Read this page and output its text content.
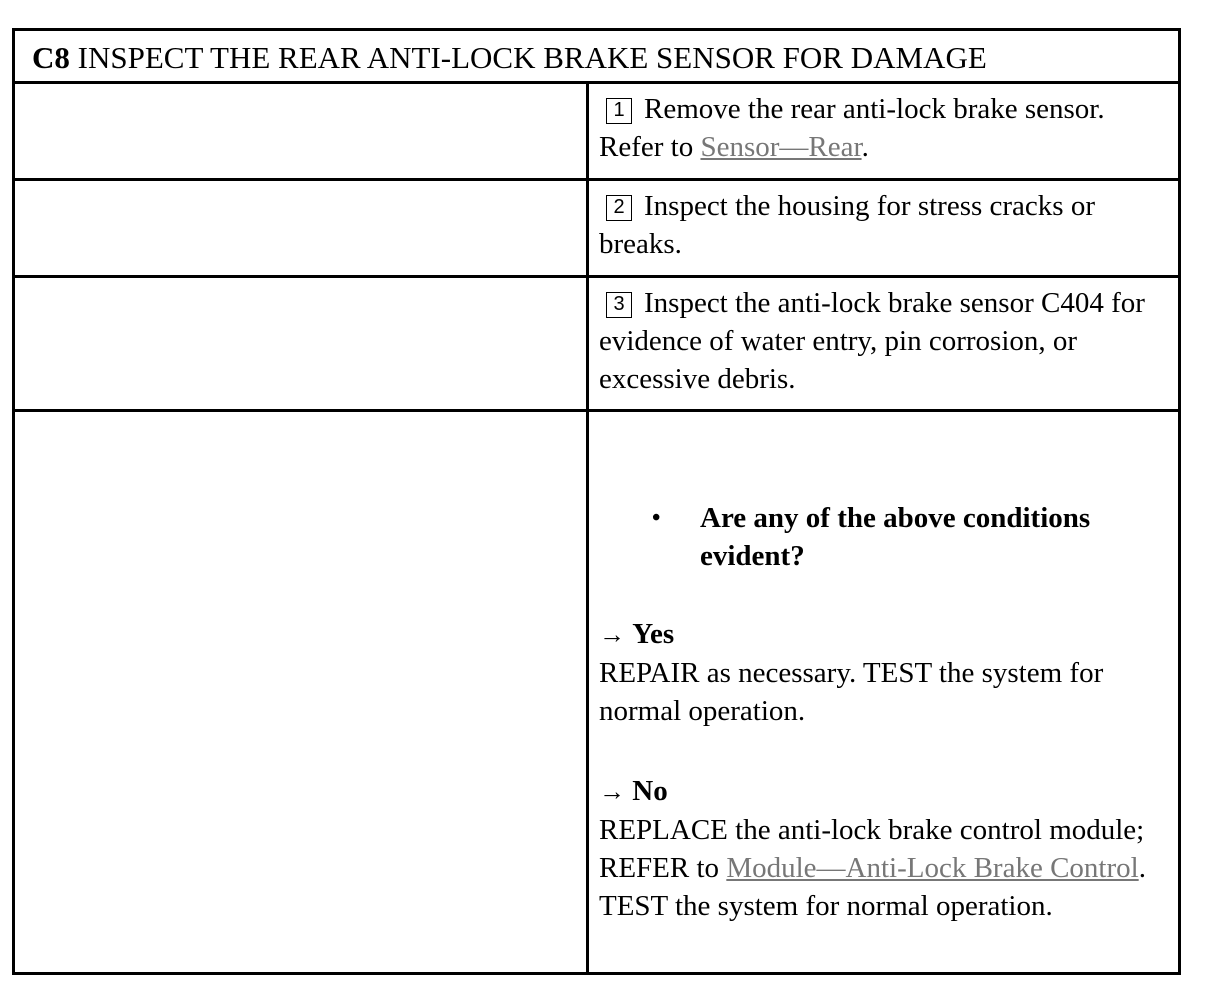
C8 INSPECT THE REAR ANTI-LOCK BRAKE SENSOR FOR DAMAGE
1 Remove the rear anti-lock brake sensor. Refer to Sensor—Rear.
2 Inspect the housing for stress cracks or breaks.
3 Inspect the anti-lock brake sensor C404 for evidence of water entry, pin corrosion, or excessive debris.
•	Are any of the above conditions evident?
→ Yes
REPAIR as necessary. TEST the system for normal operation.
→ No
REPLACE the anti-lock brake control module; REFER to Module—Anti-Lock Brake Control. TEST the system for normal operation.
